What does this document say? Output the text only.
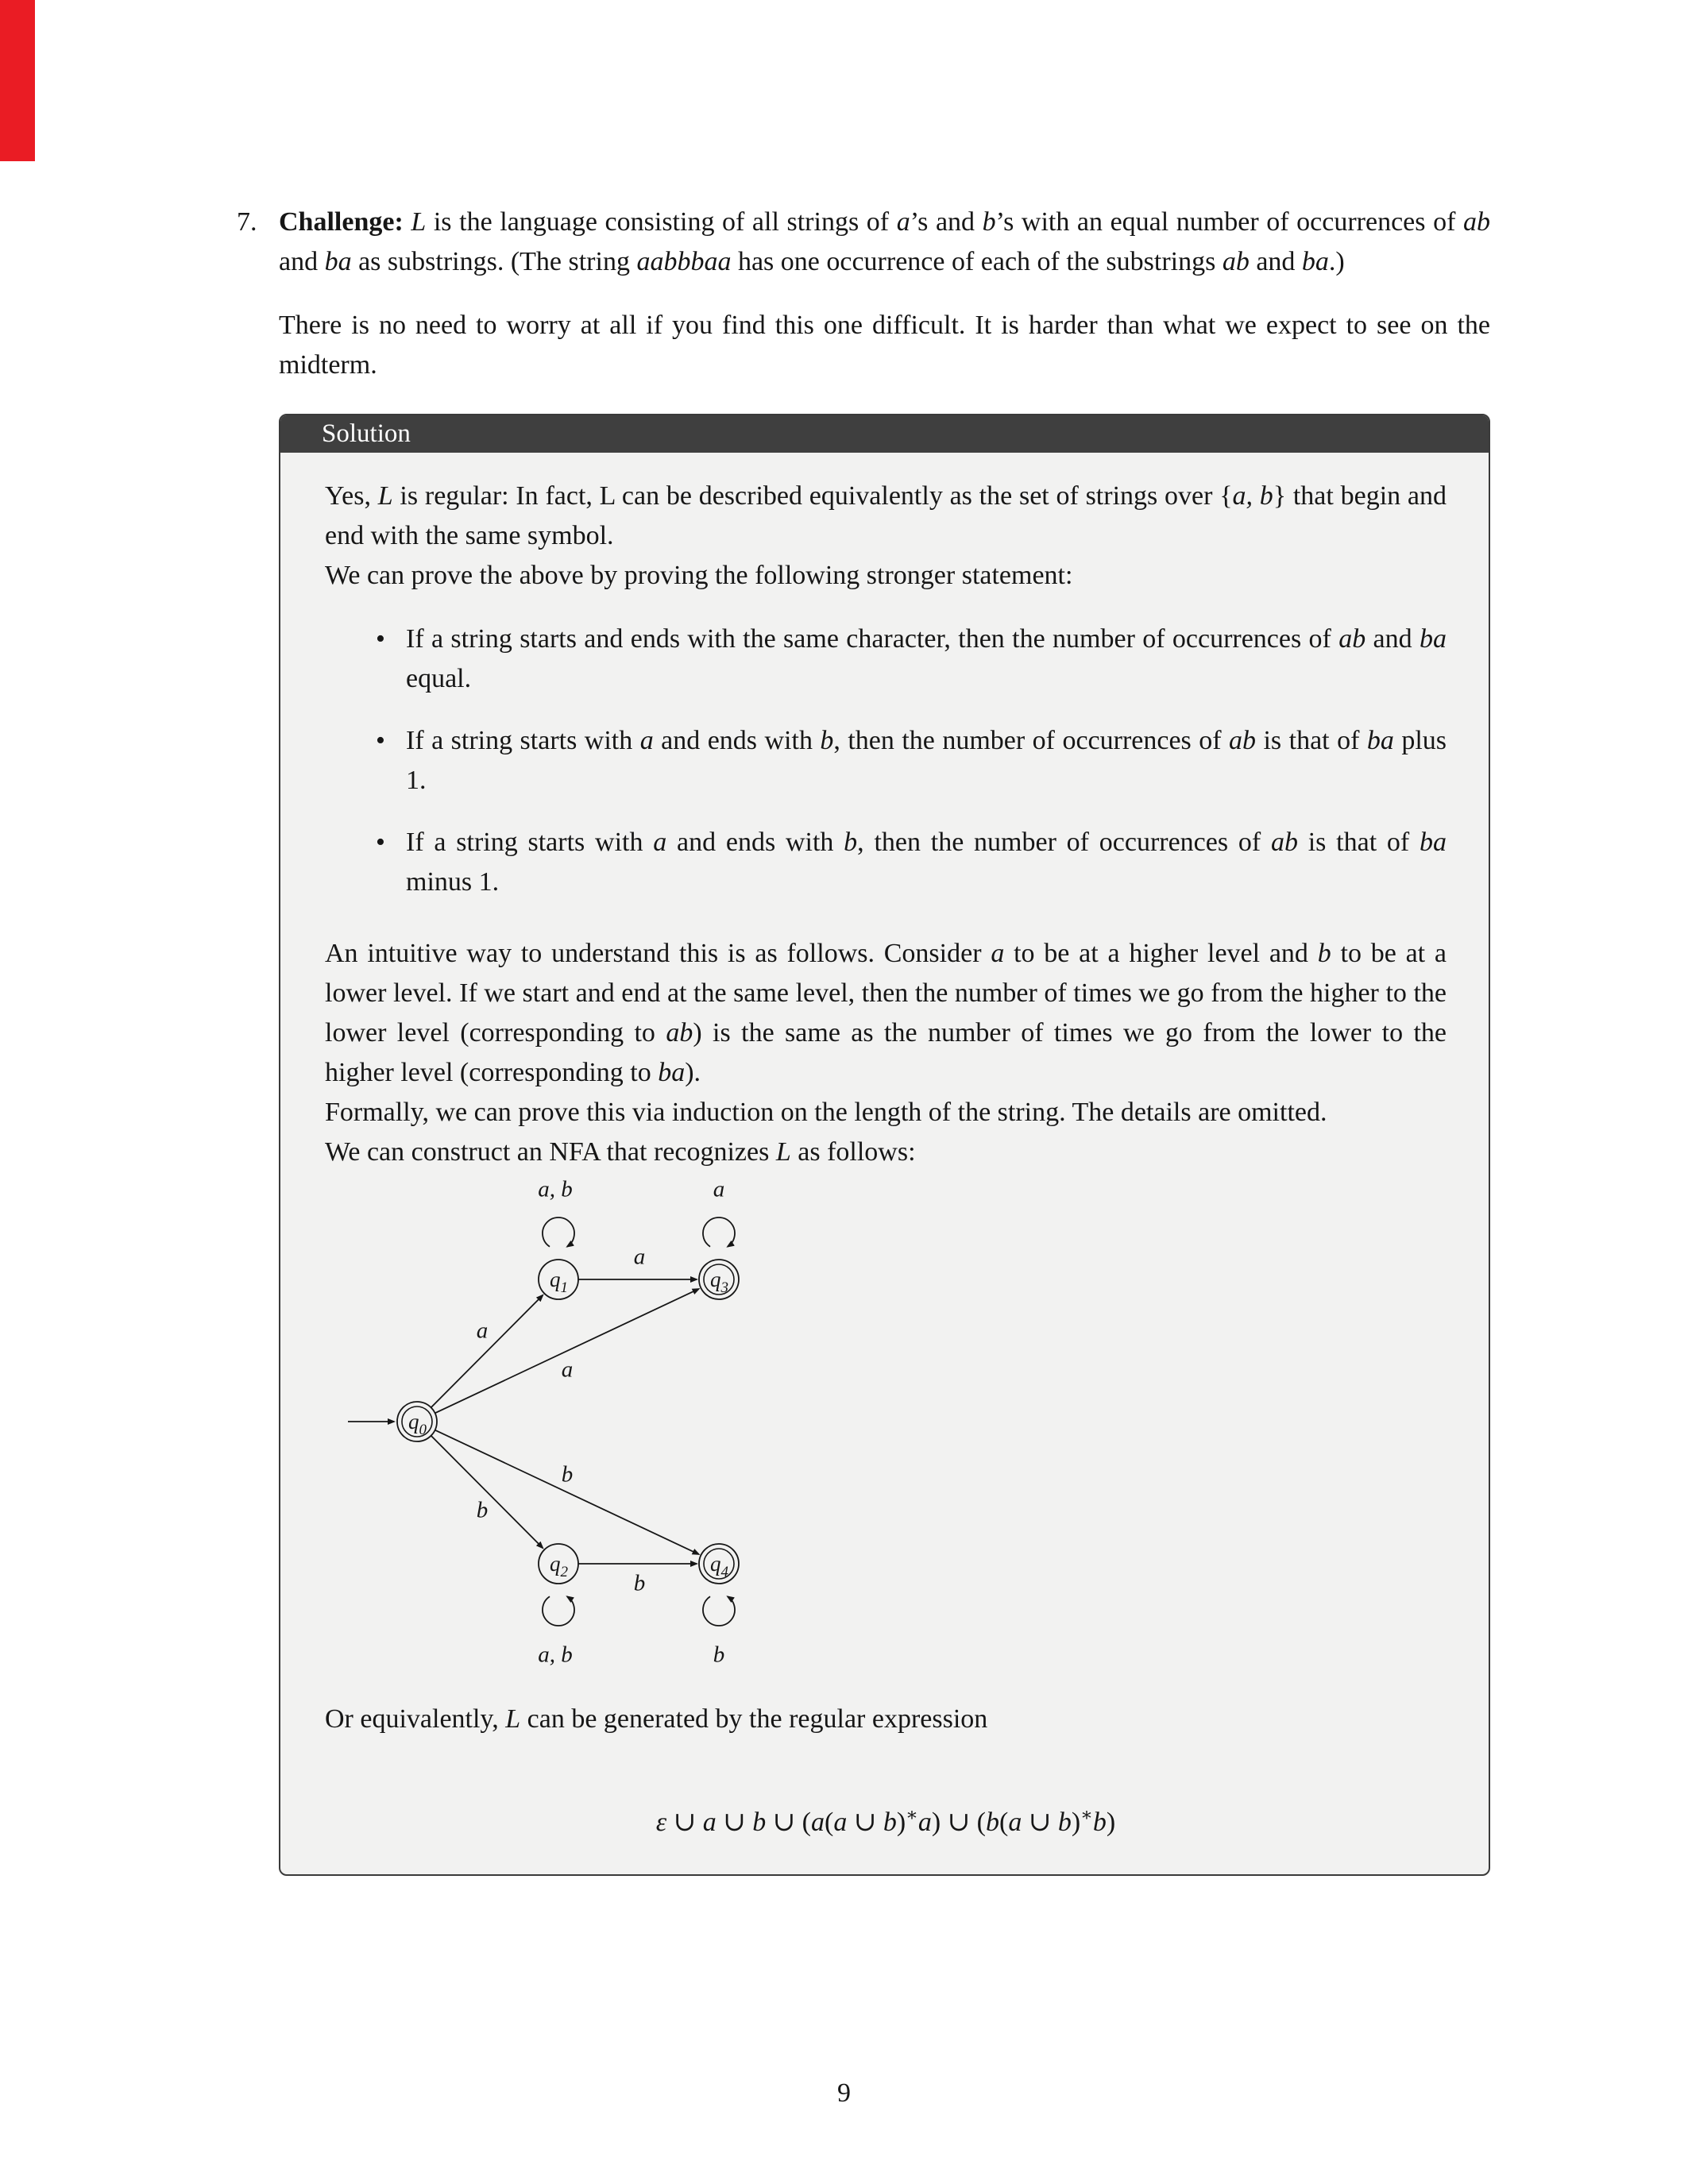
7. Challenge: L is the language consisting of all strings of a’s and b’s with an equal number of occurrences of ab and ba as substrings. (The string aabbbaa has one occurrence of each of the substrings ab and ba.)

There is no need to worry at all if you find this one difficult. It is harder than what we expect to see on the midterm.

Solution

Yes, L is regular: In fact, L can be described equivalently as the set of strings over {a, b} that begin and end with the same symbol.

We can prove the above by proving the following stronger statement:

• If a string starts and ends with the same character, then the number of occurrences of ab and ba equal.
• If a string starts with a and ends with b, then the number of occurrences of ab is that of ba plus 1.
• If a string starts with a and ends with b, then the number of occurrences of ab is that of ba minus 1.

An intuitive way to understand this is as follows. Consider a to be at a higher level and b to be at a lower level. If we start and end at the same level, then the number of times we go from the higher to the lower level (corresponding to ab) is the same as the number of times we go from the lower to the higher level (corresponding to ba).

Formally, we can prove this via induction on the length of the string. The details are omitted.

We can construct an NFA that recognizes L as follows:

a
a
b
b
a
b
a, b	a
a, b	b
$q_0$
$q_1$	$q_3$
$q_2$	$q_4$

Or equivalently, L can be generated by the regular expression

ε ∪ a ∪ b ∪ (a(a ∪ b)∗a) ∪ (b(a ∪ b)∗b)
9
